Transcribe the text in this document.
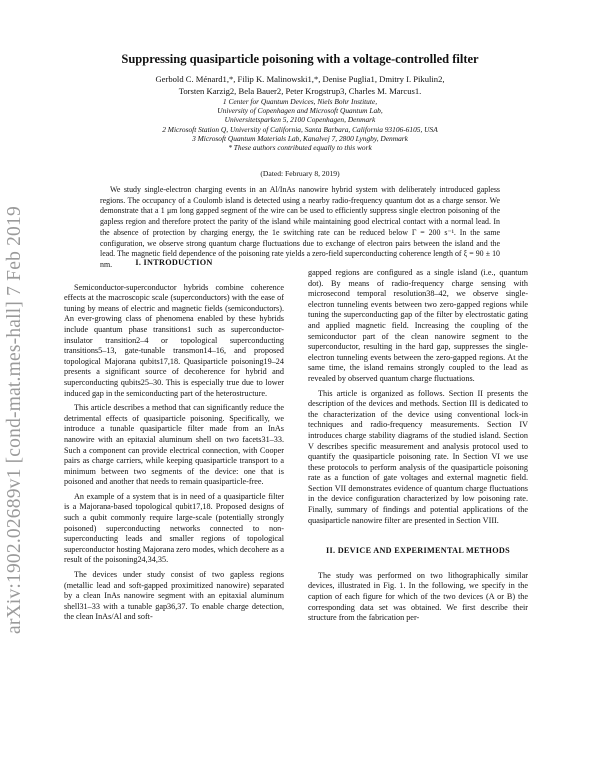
arXiv:1902.02689v1 [cond-mat.mes-hall] 7 Feb 2019
Suppressing quasiparticle poisoning with a voltage-controlled filter
Gerbold C. Ménard1,*, Filip K. Malinowski1,*, Denise Puglia1, Dmitry I. Pikulin2,
Torsten Karzig2, Bela Bauer2, Peter Krogstrup3, Charles M. Marcus1.
1 Center for Quantum Devices, Niels Bohr Institute,
University of Copenhagen and Microsoft Quantum Lab,
Universitetsparken 5, 2100 Copenhagen, Denmark
2 Microsoft Station Q, University of California, Santa Barbara, California 93106-6105, USA
3 Microsoft Quantum Materials Lab, Kanalvej 7, 2800 Lyngby, Denmark
* These authors contributed equally to this work
(Dated: February 8, 2019)
We study single-electron charging events in an Al/InAs nanowire hybrid system with deliberately introduced gapless regions. The occupancy of a Coulomb island is detected using a nearby radio-frequency quantum dot as a charge sensor. We demonstrate that a 1 μm long gapped segment of the wire can be used to efficiently suppress single electron poisoning of the gapless region and therefore protect the parity of the island while maintaining good electrical contact with a normal lead. In the absence of protection by charging energy, the 1e switching rate can be reduced below Γ = 200 s⁻¹. In the same configuration, we observe strong quantum charge fluctuations due to exchange of electron pairs between the island and the lead. The magnetic field dependence of the poisoning rate yields a zero-field superconducting coherence length of ξ = 90 ± 10 nm.	I. INTRODUCTION

Semiconductor-superconductor hybrids combine coherence effects at the macroscopic scale (superconductors) with the ease of tuning by means of electric and magnetic fields (semiconductors). An ever-growing class of phenomena enabled by these hybrids include quantum phase transitions1 such as superconductor-insulator transition2–4 or topological superconducting transitions5–13, gate-tunable transmon14–16, and proposed topological Majorana qubits17,18. Quasiparticle poisoning19–24 presents a significant source of decoherence for hybrid and superconducting qubits25–30. This is especially true due to lower induced gap in the semiconducting part of the heterostructure.

This article describes a method that can significantly reduce the detrimental effects of quasiparticle poisoning. Specifically, we introduce a tunable quasiparticle filter made from an InAs nanowire with an epitaxial aluminum shell on two facets31–33. Such a component can provide electrical connection, with Cooper pairs as charge carriers, while keeping quasiparticle transport to a minimum between two segments of the device: one that is poisoned and another that needs to remain quasiparticle-free.

An example of a system that is in need of a quasiparticle filter is a Majorana-based topological qubit17,18. Proposed designs of such a qubit commonly require large-scale (potentially strongly poisoned) superconducting networks connected to non-superconducting leads and smaller regions of topological superconductor hosting Majorana zero modes, which decohere as a result of the poisoning24,34,35.

The devices under study consist of two gapless regions (metallic lead and soft-gapped proximitized nanowire) separated by a clean InAs nanowire segment with an epitaxial aluminum shell31–33 with a tunable gap36,37. To enable charge detection, the clean InAs/Al and soft-

gapped regions are configured as a single island (i.e., quantum dot). By means of radio-frequency charge sensing with microsecond temporal resolution38–42, we observe single-electron tunneling events between two zero-gapped regions while tuning the superconducting gap of the filter by electrostatic gating and applied magnetic field. Increasing the coupling of the semiconductor part of the clean nanowire segment to the superconductor, resulting in the hard gap, suppresses the single-electron tunneling events between the zero-gapped regions. At the same time, the island remains strongly coupled to the lead as revealed by observed quantum charge fluctuations.

This article is organized as follows. Section II presents the description of the devices and methods. Section III is dedicated to the characterization of the device using conventional lock-in techniques and radio-frequency measurements. Section IV introduces charge stability diagrams of the studied island. Section V describes specific measurement and analysis protocol used to quantify the quasiparticle poisoning rate. In Section VI we use these protocols to perform analysis of the quasiparticle poisoning rate as a function of gate voltages and external magnetic field. Section VII demonstrates evidence of quantum charge fluctuations in the device configuration characterized by low poisoning rate. Finally, summary of findings and potential applications of the quasiparticle nanowire filter are presented in Section VIII.

II. DEVICE AND EXPERIMENTAL METHODS

The study was performed on two lithographically similar devices, illustrated in Fig. 1. In the following, we specify in the caption of each figure for which of the two devices (A or B) the corresponding data set was obtained. We first describe their structure from the fabrication per-
